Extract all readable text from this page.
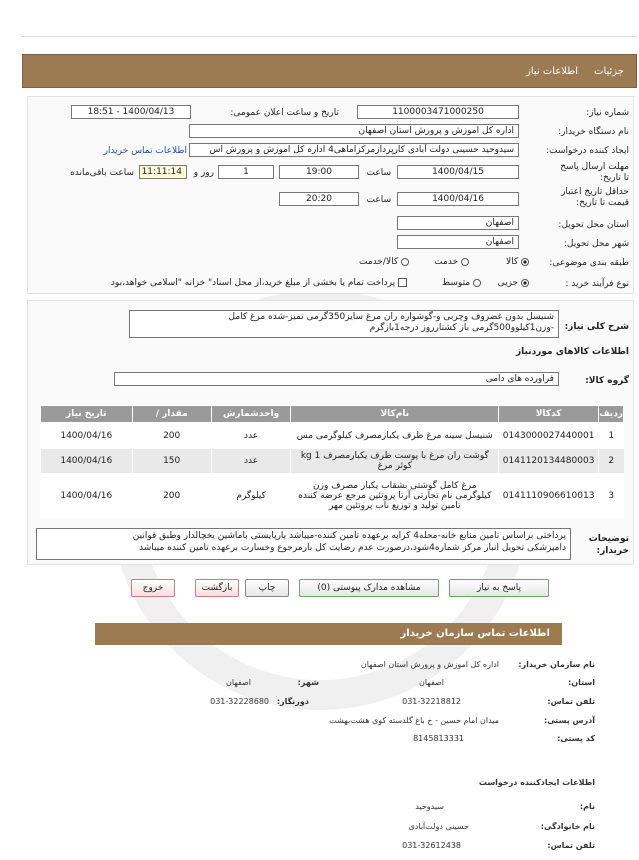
جزئیات
اطلاعات نیاز
شماره نیاز:
1100003471000250
تاریخ و ساعت اعلان عمومی:
1400/04/13 - 18:51
نام دستگاه خریدار:
اداره کل اموزش و پرورش استان اصفهان
ایجاد کننده درخواست:
سیدوحید حسینی دولت آبادی کارپردازمرکزاماهی4 اداره کل اموزش و پرورش اس
اطلاعات تماس خریدار
مهلت ارسال پاسخ تا تاریخ:
1400/04/15
ساعت
19:00
1
روز و
11:11:14
ساعت باقی‌مانده
حداقل تاریخ اعتبار قیمت تا تاریخ:
1400/04/16
ساعت
20:20
استان محل تحویل:
اصفهان
شهر محل تحویل:
اصفهان
طبقه بندی موضوعی:
کالا
خدمت
کالا/خدمت
نوع فرآیند خرید :
جزیی
متوسط
پرداخت تمام یا بخشی از مبلغ خرید،از محل اسناد" خزانه "اسلامی خواهد،بود
شرح کلی نیاز:
شنیسل بدون غضروف وچربی و-گوشواره ران مرغ سایز350گرمی تمیز-شده مرغ کامل
-وزن1کیلوو500گرمی باز کشتارروز درجه1بازگرم
اطلاعات کالاهای مورد‌نیاز
گروه کالا:
فراورده های دامی
ردیف	کدکالا	نام‌کالا	واحدشمارش	مقدار /	تاریخ نیاز
1	0143000027440001	شنیسل سینه مرغ ظرف یکبارمصرف کیلوگرمی مس	عدد	200	1400/04/16
2	0141120134480003	گوشت ران مرغ با پوست ظرف یکبارمصرف 1 kg کوئر مرغ	عدد	150	1400/04/16
3	0141110906610013	مرغ کامل گوشتی بشقاب یکبار مصرف وزن کیلوگرمی نام تجارتی آرتا پروتئین مرجع عرضه کننده تامین تولید و توزیع ناب پروتئین مهر	کیلوگرم	200	1400/04/16
توضیحات خریدار:
پرداختی براساس تامین منابع خانه-محله4 کرایه برعهده تامین کننده-میباشد بارپایستی باماشین یخچالدار وطبق قوانین
دامپزشکی تحویل انبار مرکز شماره4شود،درصورت عدم رضایت کل بارمرجوع وخسارت برعهده تامین کننده میباشد
پاسخ به نیاز
مشاهده مدارک پیوستی (0)
چاپ
بازگشت
خروج
اطلاعات تماس سازمان خریدار
نام سازمان خریدار:
اداره کل اموزش و پرورش استان اصفهان
استان:
اصفهان
شهر:
اصفهان
تلفن تماس:
031-32218812
دورنگار:
031-32228680
آدرس پستی:
میدان امام حسین - خ باغ گلدسته کوی هشت‌بهشت
کد پستی:
8145813331
اطلاعات ایجادکننده درخواست
نام:
سیدوحید
نام خانوادگی:
حسینی دولت‌آبادی
تلفن تماس:
031-32612438
